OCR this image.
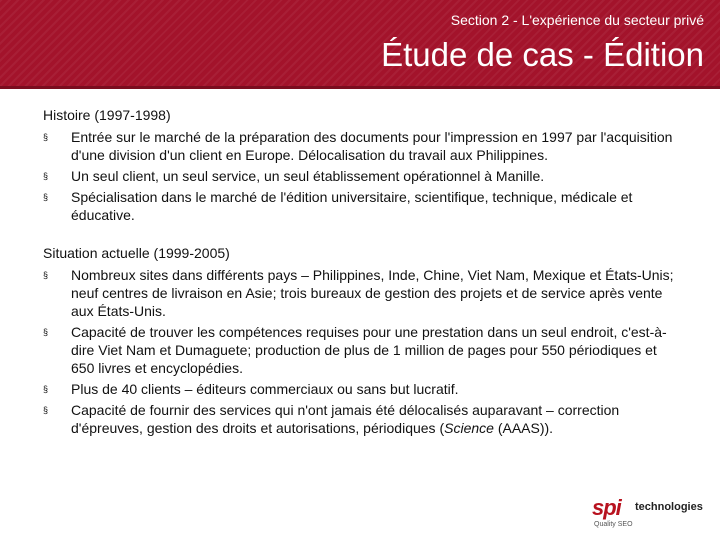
Section 2 - L'expérience du secteur privé
Étude de cas - Édition
Histoire (1997-1998)
§ Entrée sur le marché de la préparation des documents pour l'impression en 1997 par l'acquisition d'une division d'un client en Europe. Délocalisation du travail aux Philippines.
§ Un seul client, un seul service, un seul établissement opérationnel à Manille.
§ Spécialisation dans le marché de l'édition universitaire, scientifique, technique, médicale et éducative.
Situation actuelle (1999-2005)
§ Nombreux sites dans différents pays – Philippines, Inde, Chine, Viet Nam, Mexique et États-Unis; neuf centres de livraison en Asie; trois bureaux de gestion des projets et de service après vente aux États-Unis.
§ Capacité de trouver les compétences requises pour une prestation dans un seul endroit, c'est-à-dire Viet Nam et Dumaguete; production de plus de 1 million de pages pour 550 périodiques et 650 livres et encyclopédies.
§ Plus de 40 clients – éditeurs commerciaux ou sans but lucratif.
§ Capacité de fournir des services qui n'ont jamais été délocalisés auparavant – correction d'épreuves, gestion des droits et autorisations, périodiques (Science (AAAS)).
spi technologies
Quality SEO
